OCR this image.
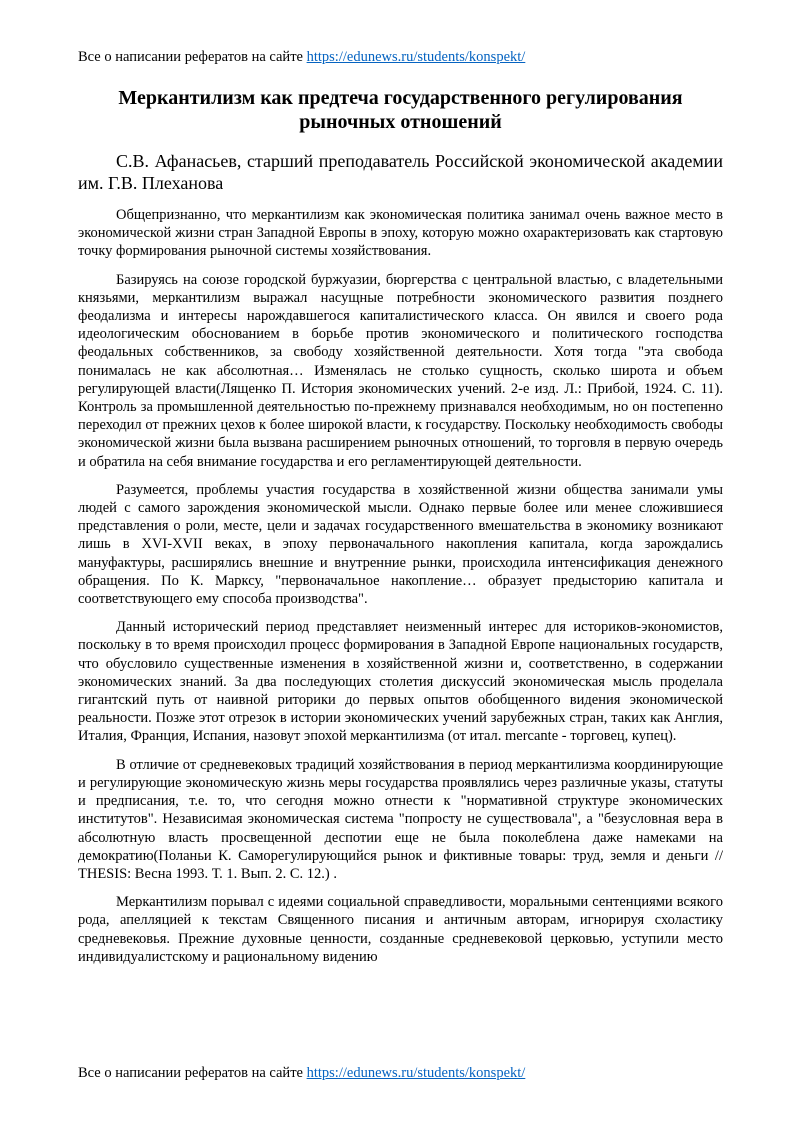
Все о написании рефератов на сайте https://edunews.ru/students/konspekt/
Меркантилизм как предтеча государственного регулирования рыночных отношений

С.В. Афанасьев, старший преподаватель Российской экономической академии им. Г.В. Плеханова

Общепризнанно, что меркантилизм как экономическая политика занимал очень важное место в экономической жизни стран Западной Европы в эпоху, которую можно охарактеризовать как стартовую точку формирования рыночной системы хозяйствования.

Базируясь на союзе городской буржуазии, бюргерства с центральной властью, с владетельными князьями, меркантилизм выражал насущные потребности экономического развития позднего феодализма и интересы нарождавшегося капиталистического класса. Он явился и своего рода идеологическим обоснованием в борьбе против экономического и политического господства феодальных собственников, за свободу хозяйственной деятельности. Хотя тогда "эта свобода понималась не как абсолютная… Изменялась не столько сущность, сколько широта и объем регулирующей власти(Лященко П. История экономических учений. 2-е изд. Л.: Прибой, 1924. С. 11). Контроль за промышленной деятельностью по-прежнему признавался необходимым, но он постепенно переходил от прежних цехов к более широкой власти, к государству. Поскольку необходимость свободы экономической жизни была вызвана расширением рыночных отношений, то торговля в первую очередь и обратила на себя внимание государства и его регламентирующей деятельности.

Разумеется, проблемы участия государства в хозяйственной жизни общества занимали умы людей с самого зарождения экономической мысли. Однако первые более или менее сложившиеся представления о роли, месте, цели и задачах государственного вмешательства в экономику возникают лишь в XVI-XVII веках, в эпоху первоначального накопления капитала, когда зарождались мануфактуры, расширялись внешние и внутренние рынки, происходила интенсификация денежного обращения. По К. Марксу, "первоначальное накопление… образует предысторию капитала и соответствующего ему способа производства".

Данный исторический период представляет неизменный интерес для историков-экономистов, поскольку в то время происходил процесс формирования в Западной Европе национальных государств, что обусловило существенные изменения в хозяйственной жизни и, соответственно, в содержании экономических знаний. За два последующих столетия дискуссий экономическая мысль проделала гигантский путь от наивной риторики до первых опытов обобщенного видения экономической реальности. Позже этот отрезок в истории экономических учений зарубежных стран, таких как Англия, Италия, Франция, Испания, назовут эпохой меркантилизма (от итал. mercante - торговец, купец).

В отличие от средневековых традиций хозяйствования в период меркантилизма координирующие и регулирующие экономическую жизнь меры государства проявлялись через различные указы, статуты и предписания, т.е. то, что сегодня можно отнести к "нормативной структуре экономических институтов". Независимая экономическая система "попросту не существовала", а "безусловная вера в абсолютную власть просвещенной деспотии еще не была поколеблена даже намеками на демократию(Поланьи К. Саморегулирующийся рынок и фиктивные товары: труд, земля и деньги // THESIS: Весна 1993. Т. 1. Вып. 2. С. 12.) .

Меркантилизм порывал с идеями социальной справедливости, моральными сентенциями всякого рода, апелляцией к текстам Священного писания и античным авторам, игнорируя схоластику средневековья. Прежние духовные ценности, созданные средневековой церковью, уступили место индивидуалистскому и рациональному видению

Все о написании рефератов на сайте https://edunews.ru/students/konspekt/
